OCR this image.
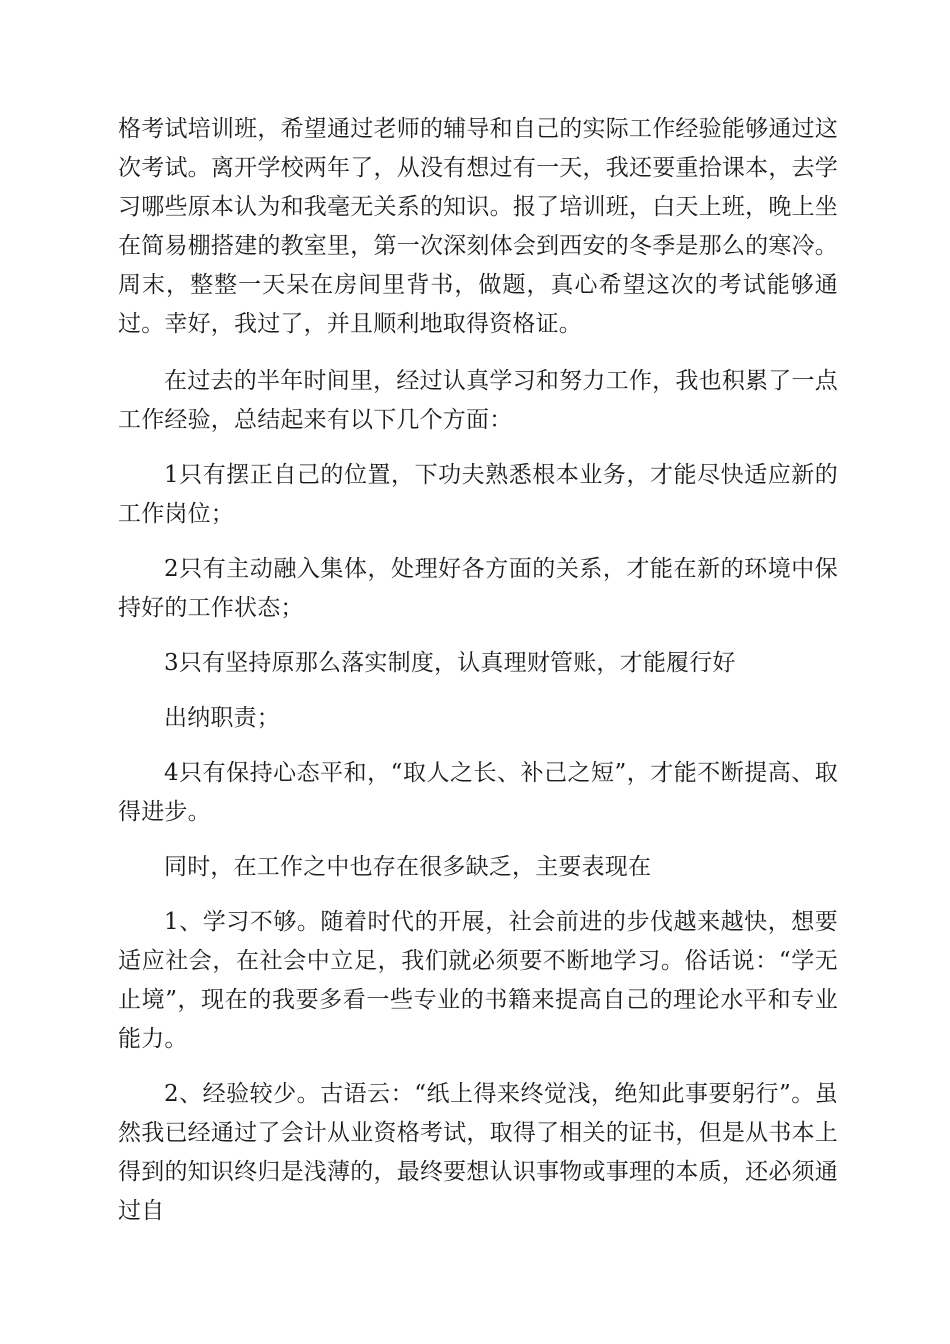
格考试培训班，希望通过老师的辅导和自己的实际工作经验能够通过这次考试。离开学校两年了，从没有想过有一天，我还要重拾课本，去学习哪些原本认为和我毫无关系的知识。报了培训班，白天上班，晚上坐在简易棚搭建的教室里，第一次深刻体会到西安的冬季是那么的寒冷。周末，整整一天呆在房间里背书，做题，真心希望这次的考试能够通过。幸好，我过了，并且顺利地取得资格证。

在过去的半年时间里，经过认真学习和努力工作，我也积累了一点工作经验，总结起来有以下几个方面：

1只有摆正自己的位置，下功夫熟悉根本业务，才能尽快适应新的工作岗位；

2只有主动融入集体，处理好各方面的关系，才能在新的环境中保持好的工作状态；

3只有坚持原那么落实制度，认真理财管账，才能履行好

出纳职责；

4只有保持心态平和，“取人之长、补己之短”，才能不断提高、取得进步。

同时，在工作之中也存在很多缺乏，主要表现在

1、学习不够。随着时代的开展，社会前进的步伐越来越快，想要适应社会，在社会中立足，我们就必须要不断地学习。俗话说：“学无止境”，现在的我要多看一些专业的书籍来提高自己的理论水平和专业能力。

2、经验较少。古语云：“纸上得来终觉浅，绝知此事要躬行”。虽然我已经通过了会计从业资格考试，取得了相关的证书，但是从书本上得到的知识终归是浅薄的，最终要想认识事物或事理的本质，还必须通过自
